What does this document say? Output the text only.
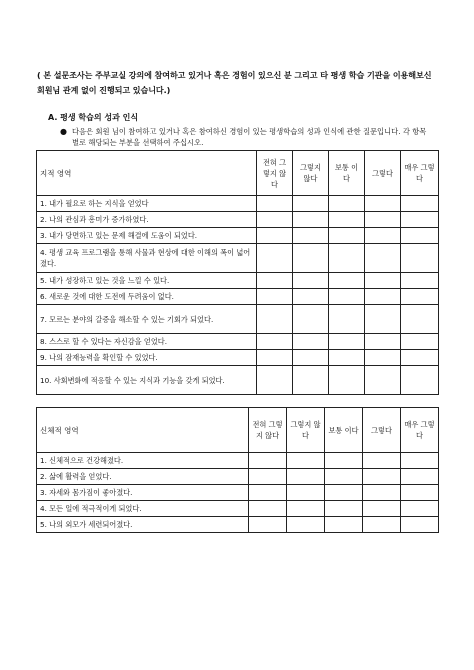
( 본 설문조사는 주부교실 강의에 참여하고 있거나 혹은 경험이 있으신 분 그리고 타 평생 학습 기관을 이용해보신 회원님 관계 없이 진행되고 있습니다.)
A. 평생 학습의 성과 인식
● 다음은 회원 님이 참여하고 있거나 혹은 참여하신 경험이 있는 평생학습의 성과 인식에 관한 질문입니다. 각 항목별로 해당되는 부분을 선택하여 주십시오.
지적 영역	전혀 그렇지 않다	그렇지 않다	보통 이다	그렇다	매우 그렇다
1. 내가 필요로 하는 지식을 얻었다					
2. 나의 관심과 흥미가 증가하였다.					
3. 내가 당면하고 있는 문제 해결에 도움이 되었다.					
4. 평생 교육 프로그램을 통해 사물과 현상에 대한 이해의 폭이 넓어졌다.					
5. 내가 성장하고 있는 것을 느낄 수 있다.					
6. 새로운 것에 대한 도전에 두려움이 없다.					
7. 모르는 분야의 갈증을 해소할 수 있는 기회가 되었다.					
8. 스스로 할 수 있다는 자신감을 얻었다.					
9. 나의 잠재능력을 확인할 수 있었다.					
10. 사회변화에 적응할 수 있는 지식과 기능을 갖게 되었다.					
신체적 영역	전혀 그렇지 않다	그렇지 않다	보통 이다	그렇다	매우 그렇다
1. 신체적으로 건강해졌다.					
2. 삶에 활력을 얻었다.					
3. 자세와 몸가짐이 좋아졌다.					
4. 모든 일에 적극적이게 되었다.					
5. 나의 외모가 세련되어졌다.					
